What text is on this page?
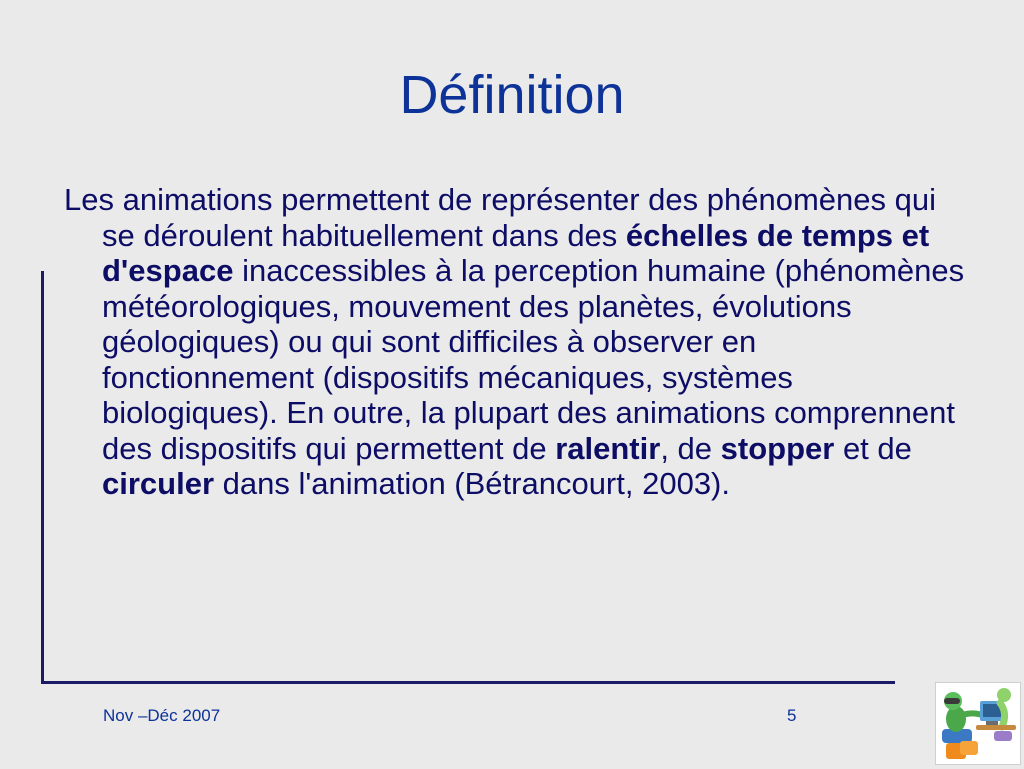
Définition

Les animations permettent de représenter des phénomènes qui se déroulent habituellement dans des échelles de temps et d'espace inaccessibles à la perception humaine (phénomènes météorologiques, mouvement des planètes, évolutions géologiques) ou qui sont difficiles à observer en fonctionnement (dispositifs mécaniques, systèmes biologiques). En outre, la plupart des animations comprennent des dispositifs qui permettent de ralentir, de stopper et de circuler dans l'animation (Bétrancourt, 2003).

Nov –Déc 2007	5
